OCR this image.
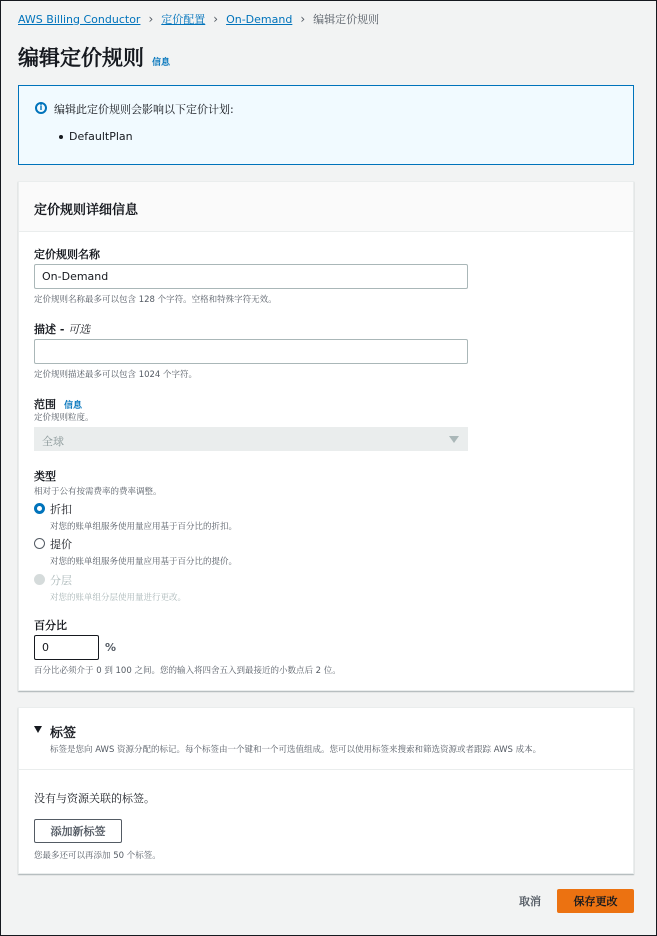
AWS Billing Conductor › 定价配置 › On-Demand › 编辑定价规则
编辑定价规则 信息
i	编辑此定价规则会影响以下定价计划:
DefaultPlan
定价规则详细信息
定价规则名称
On-Demand
定价规则名称最多可以包含 128 个字符。空格和特殊字符无效。
描述 - 可选
定价规则描述最多可以包含 1024 个字符。
范围 信息
定价规则粒度。
全球
类型
相对于公有按需费率的费率调整。
折扣
对您的账单组服务使用量应用基于百分比的折扣。
提价
对您的账单组服务使用量应用基于百分比的提价。
分层
对您的账单组分层使用量进行更改。
百分比
0
%
百分比必须介于 0 到 100 之间。您的输入将四舍五入到最接近的小数点后 2 位。
标签
标签是您向 AWS 资源分配的标记。每个标签由一个键和一个可选值组成。您可以使用标签来搜索和筛选资源或者跟踪 AWS 成本。
没有与资源关联的标签。
添加新标签
您最多还可以再添加 50 个标签。
取消	保存更改
